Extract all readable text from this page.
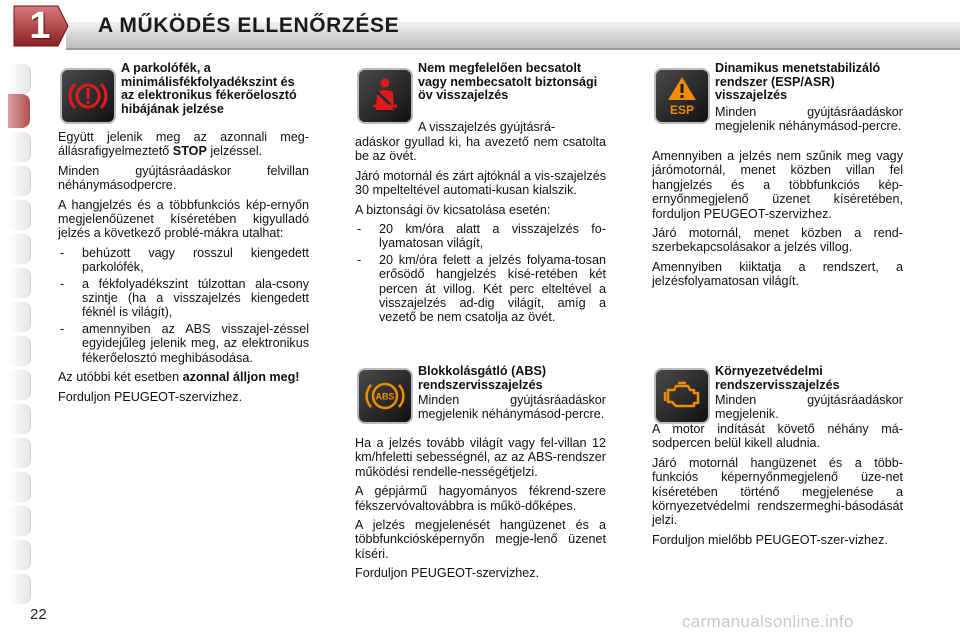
1	A MŰKÖDÉS ELLENŐRZÉSE
A parkolófék, a minimálisfékfolyadékszint és az elektronikus fékerőelosztó hibájának jelzése

Együtt jelenik meg az azonnali meg-állásrafigyelmeztető STOP jelzéssel.

Minden gyújtásráadáskor felvillan néhánymásodpercre.

A hangjelzés és a többfunkciós kép-ernyőn megjelenőüzenet kíséretében kigyulladó jelzés a következő problé-mákra utalhat:

- behúzott vagy rosszul kiengedett parkolófék,
- a fékfolyadékszint túlzottan ala-csony szintje (ha a visszajelzés kiengedett féknél is világít),
- amennyiben az ABS visszajel-zéssel egyidejűleg jelenik meg, az elektronikus fékerőelosztó meghibásodása.

Az utóbbi két esetben azonnal álljon meg!

Forduljon PEUGEOT-szervizhez.

Nem megfelelően becsatolt vagy nembecsatolt biztonsági öv visszajelzés
A visszajelzés gyújtásrá-

adáskor gyullad ki, ha avezető nem csatolta be az övét.

Járó motornál és zárt ajtóknál a vis-szajelzés 30 mpelteltével automati-kusan kialszik.

A biztonsági öv kicsatolása esetén:

- 20 km/óra alatt a visszajelzés fo-lyamatosan világít,
- 20 km/óra felett a jelzés folyama-tosan erősödő hangjelzés kísé-retében két percen át villog. Két perc elteltével a visszajelzés ad-dig világít, amíg a vezető be nem csatolja az övét.
ABS
Blokkolásgátló (ABS) rendszervisszajelzés
Minden gyújtásráadáskor megjelenik néhánymásod-percre.

Ha a jelzés tovább világít vagy fel-villan 12 km/hfeletti sebességnél, az az ABS-rendszer működési rendelle-nességétjelzi.

A gépjármű hagyományos fékrend-szere fékszervóvaltovábbra is műkö-dőképes.

A jelzés megjelenését hangüzenet és a többfunkciósképernyőn megje-lenő üzenet kíséri.

Forduljon PEUGEOT-szervizhez.

ESP
Dinamikus menetstabilizáló rendszer (ESP/ASR) visszajelzés
Minden gyújtásráadáskor megjelenik néhánymásod-percre.

Amennyiben a jelzés nem szűnik meg vagy járómotornál, menet közben villan fel hangjelzés és a többfunkciós kép-ernyőnmegjelenő üzenet kíséretében, forduljon PEUGEOT-szervizhez.

Járó motornál, menet közben a rend-szerbekapcsolásakor a jelzés villog.

Amennyiben kiiktatja a rendszert, a jelzésfolyamatosan világít.

Környezetvédelmi rendszervisszajelzés
Minden gyújtásráadáskor megjelenik.

A motor indítását követő néhány má-sodpercen belül kikell aludnia.

Járó motornál hangüzenet és a több-funkciós képernyőnmegjelenő üze-net kíséretében történő megjelenése a környezetvédelmi rendszermeghi-básodását jelzi.

Forduljon mielőbb PEUGEOT-szer-vizhez.

22	carmanualsonline.info
